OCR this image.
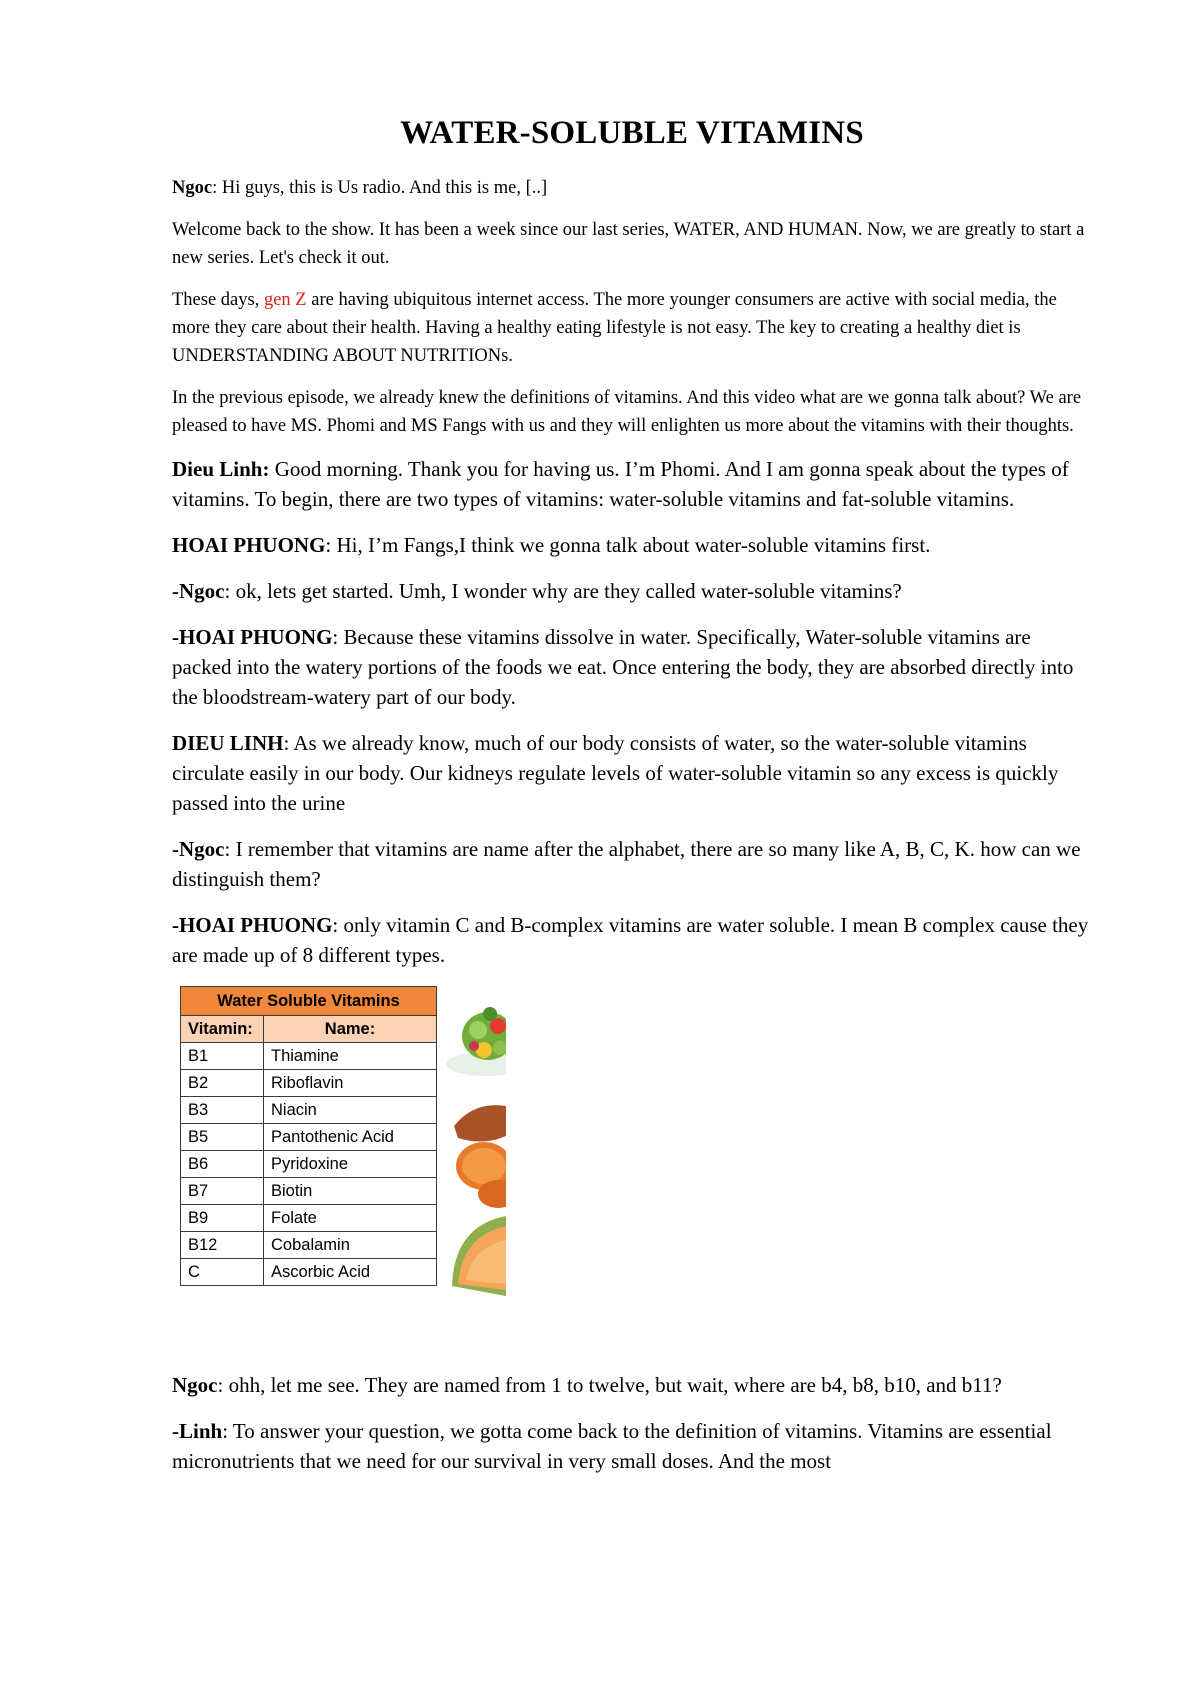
WATER-SOLUBLE VITAMINS

Ngoc: Hi guys, this is Us radio. And this is me, [..]

Welcome back to the show. It has been a week since our last series, WATER, AND HUMAN. Now, we are greatly to start a new series. Let's check it out.

These days, gen Z are having ubiquitous internet access. The more younger consumers are active with social media, the more they care about their health. Having a healthy eating lifestyle is not easy. The key to creating a healthy diet is UNDERSTANDING ABOUT NUTRITIONs.

In the previous episode, we already knew the definitions of vitamins. And this video what are we gonna talk about? We are pleased to have MS. Phomi and MS Fangs with us and they will enlighten us more about the vitamins with their thoughts.

Dieu Linh: Good morning. Thank you for having us. I’m Phomi. And I am gonna speak about the types of vitamins. To begin, there are two types of vitamins: water-soluble vitamins and fat-soluble vitamins.

HOAI PHUONG: Hi, I’m Fangs,I think we gonna talk about water-soluble vitamins first.

-Ngoc: ok, lets get started. Umh, I wonder why are they called water-soluble vitamins?

-HOAI PHUONG: Because these vitamins dissolve in water. Specifically, Water-soluble vitamins are packed into the watery portions of the foods we eat. Once entering the body, they are absorbed directly into the bloodstream-watery part of our body.

DIEU LINH: As we already know, much of our body consists of water, so the water-soluble vitamins circulate easily in our body. Our kidneys regulate levels of water-soluble vitamin so any excess is quickly passed into the urine

-Ngoc: I remember that vitamins are name after the alphabet, there are so many like A, B, C, K. how can we distinguish them?

-HOAI PHUONG: only vitamin C and B-complex vitamins are water soluble. I mean B complex cause they are made up of 8 different types.

Water Soluble Vitamins	
Vitamin:	Name:
B1	Thiamine
B2	Riboflavin
B3	Niacin
B5	Pantothenic Acid
B6	Pyridoxine
B7	Biotin
B9	Folate
B12	Cobalamin
C	Ascorbic Acid

Ngoc: ohh, let me see. They are named from 1 to twelve, but wait, where are b4, b8, b10, and b11?

-Linh: To answer your question, we gotta come back to the definition of vitamins. Vitamins are essential micronutrients that we need for our survival in very small doses. And the most
